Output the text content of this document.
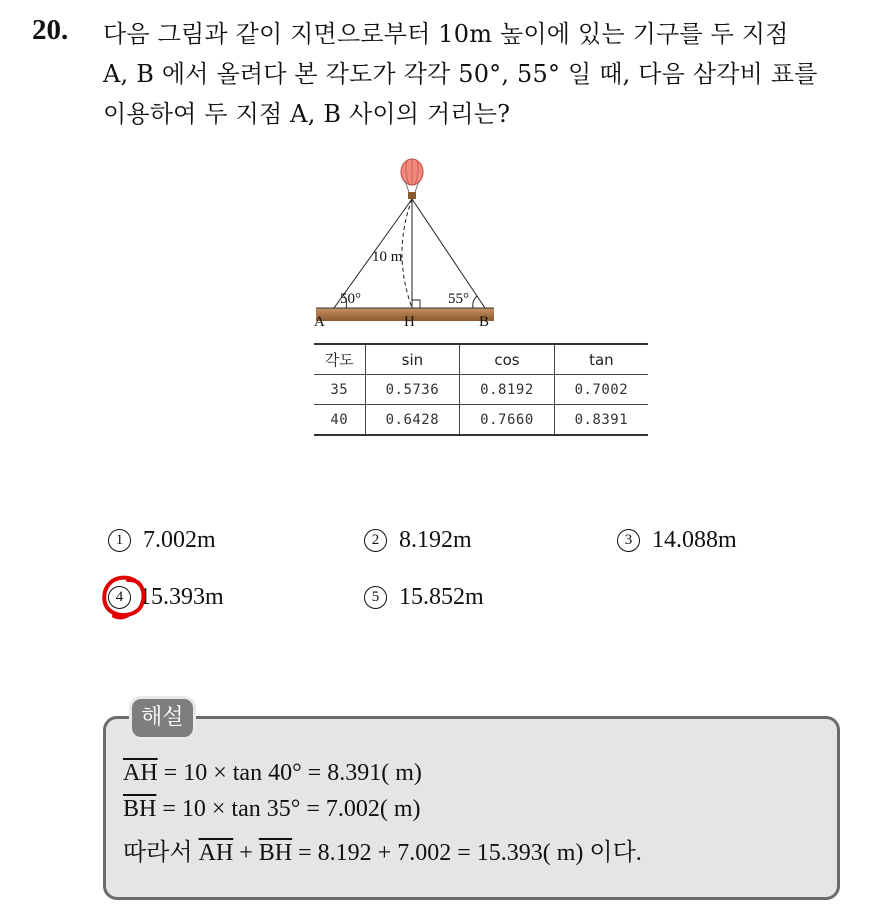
20. 다음 그림과 같이 지면으로부터 10m 높이에 있는 기구를 두 지점
A, B 에서 올려다 본 각도가 각각 50°, 55° 일 때, 다음 삼각비 표를
이용하여 두 지점 A, B 사이의 거리는?
10 m
50°	55°
A	H	B
각도	sin	cos	tan
35	0.5736	0.8192	0.7002
40	0.6428	0.7660	0.8391
1 7.002m	2 8.192m	3 14.088m
4 15.393m	5 15.852m
해설
$\overline{AH} = 10 \times \tan 40^\circ = 8.391$( m)
$\overline{BH} = 10 \times \tan 35^\circ = 7.002$( m)
따라서 $\overline{AH} + \overline{BH} = 8.192 + 7.002 = 15.393$( m) 이다.
